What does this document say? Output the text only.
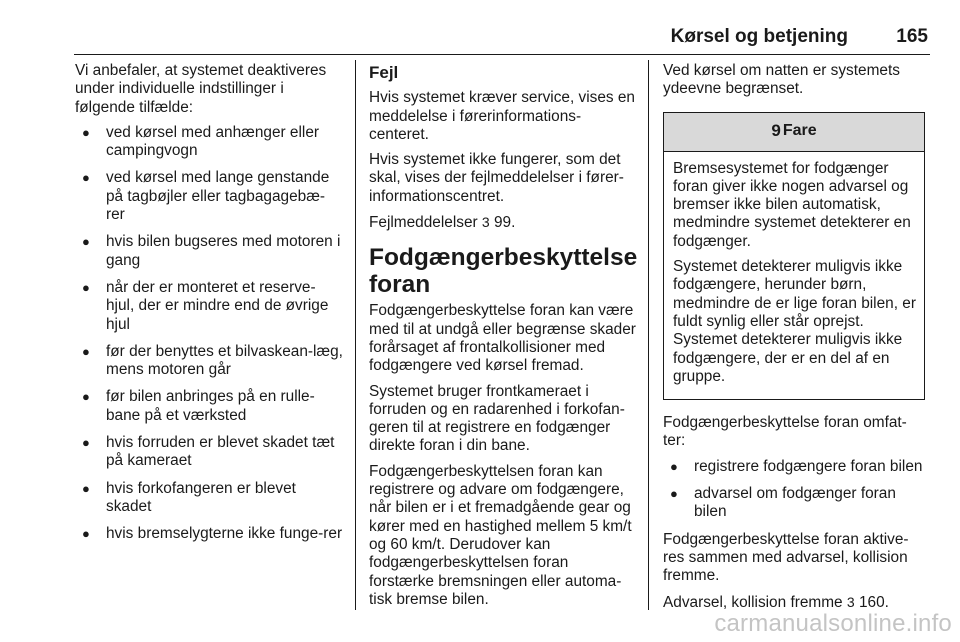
Kørsel og betjening	165

Vi anbefaler, at systemet deaktiveres under individuelle indstillinger i følgende tilfælde:

● ved kørsel med anhænger eller campingvogn
● ved kørsel med lange genstande på tagbøjler eller tagbagagebæ-rer
● hvis bilen bugseres med motoren i gang
● når der er monteret et reserve-hjul, der er mindre end de øvrige hjul
● før der benyttes et bilvaskean-læg, mens motoren går
● før bilen anbringes på en rulle-bane på et værksted
● hvis forruden er blevet skadet tæt på kameraet
● hvis forkofangeren er blevet skadet
● hvis bremselygterne ikke funge-rer
Fejl

Hvis systemet kræver service, vises en meddelelse i førerinformations-centeret.

Hvis systemet ikke fungerer, som det skal, vises der fejlmeddelelser i fører-informationscentret.

Fejlmeddelelser 3 99.

Fodgængerbeskyttelse foran

Fodgængerbeskyttelse foran kan være med til at undgå eller begrænse skader forårsaget af frontalkollisioner med fodgængere ved kørsel fremad.

Systemet bruger frontkameraet i forruden og en radarenhed i forkofan-geren til at registrere en fodgænger direkte foran i din bane.

Fodgængerbeskyttelsen foran kan registrere og advare om fodgængere, når bilen er i et fremadgående gear og kører med en hastighed mellem 5 km/t og 60 km/t. Derudover kan fodgængerbeskyttelsen foran forstærke bremsningen eller automa-tisk bremse bilen.

Ved kørsel om natten er systemets ydeevne begrænset.

9 Fare

Bremsesystemet for fodgænger foran giver ikke nogen advarsel og bremser ikke bilen automatisk, medmindre systemet detekterer en fodgænger.

Systemet detekterer muligvis ikke fodgængere, herunder børn, medmindre de er lige foran bilen, er fuldt synlig eller står oprejst. Systemet detekterer muligvis ikke fodgængere, der er en del af en gruppe.

Fodgængerbeskyttelse foran omfat-ter:

● registrere fodgængere foran bilen
● advarsel om fodgænger foran bilen

Fodgængerbeskyttelse foran aktive-res sammen med advarsel, kollision fremme.

Advarsel, kollision fremme 3 160.

carmanualsonline.info
